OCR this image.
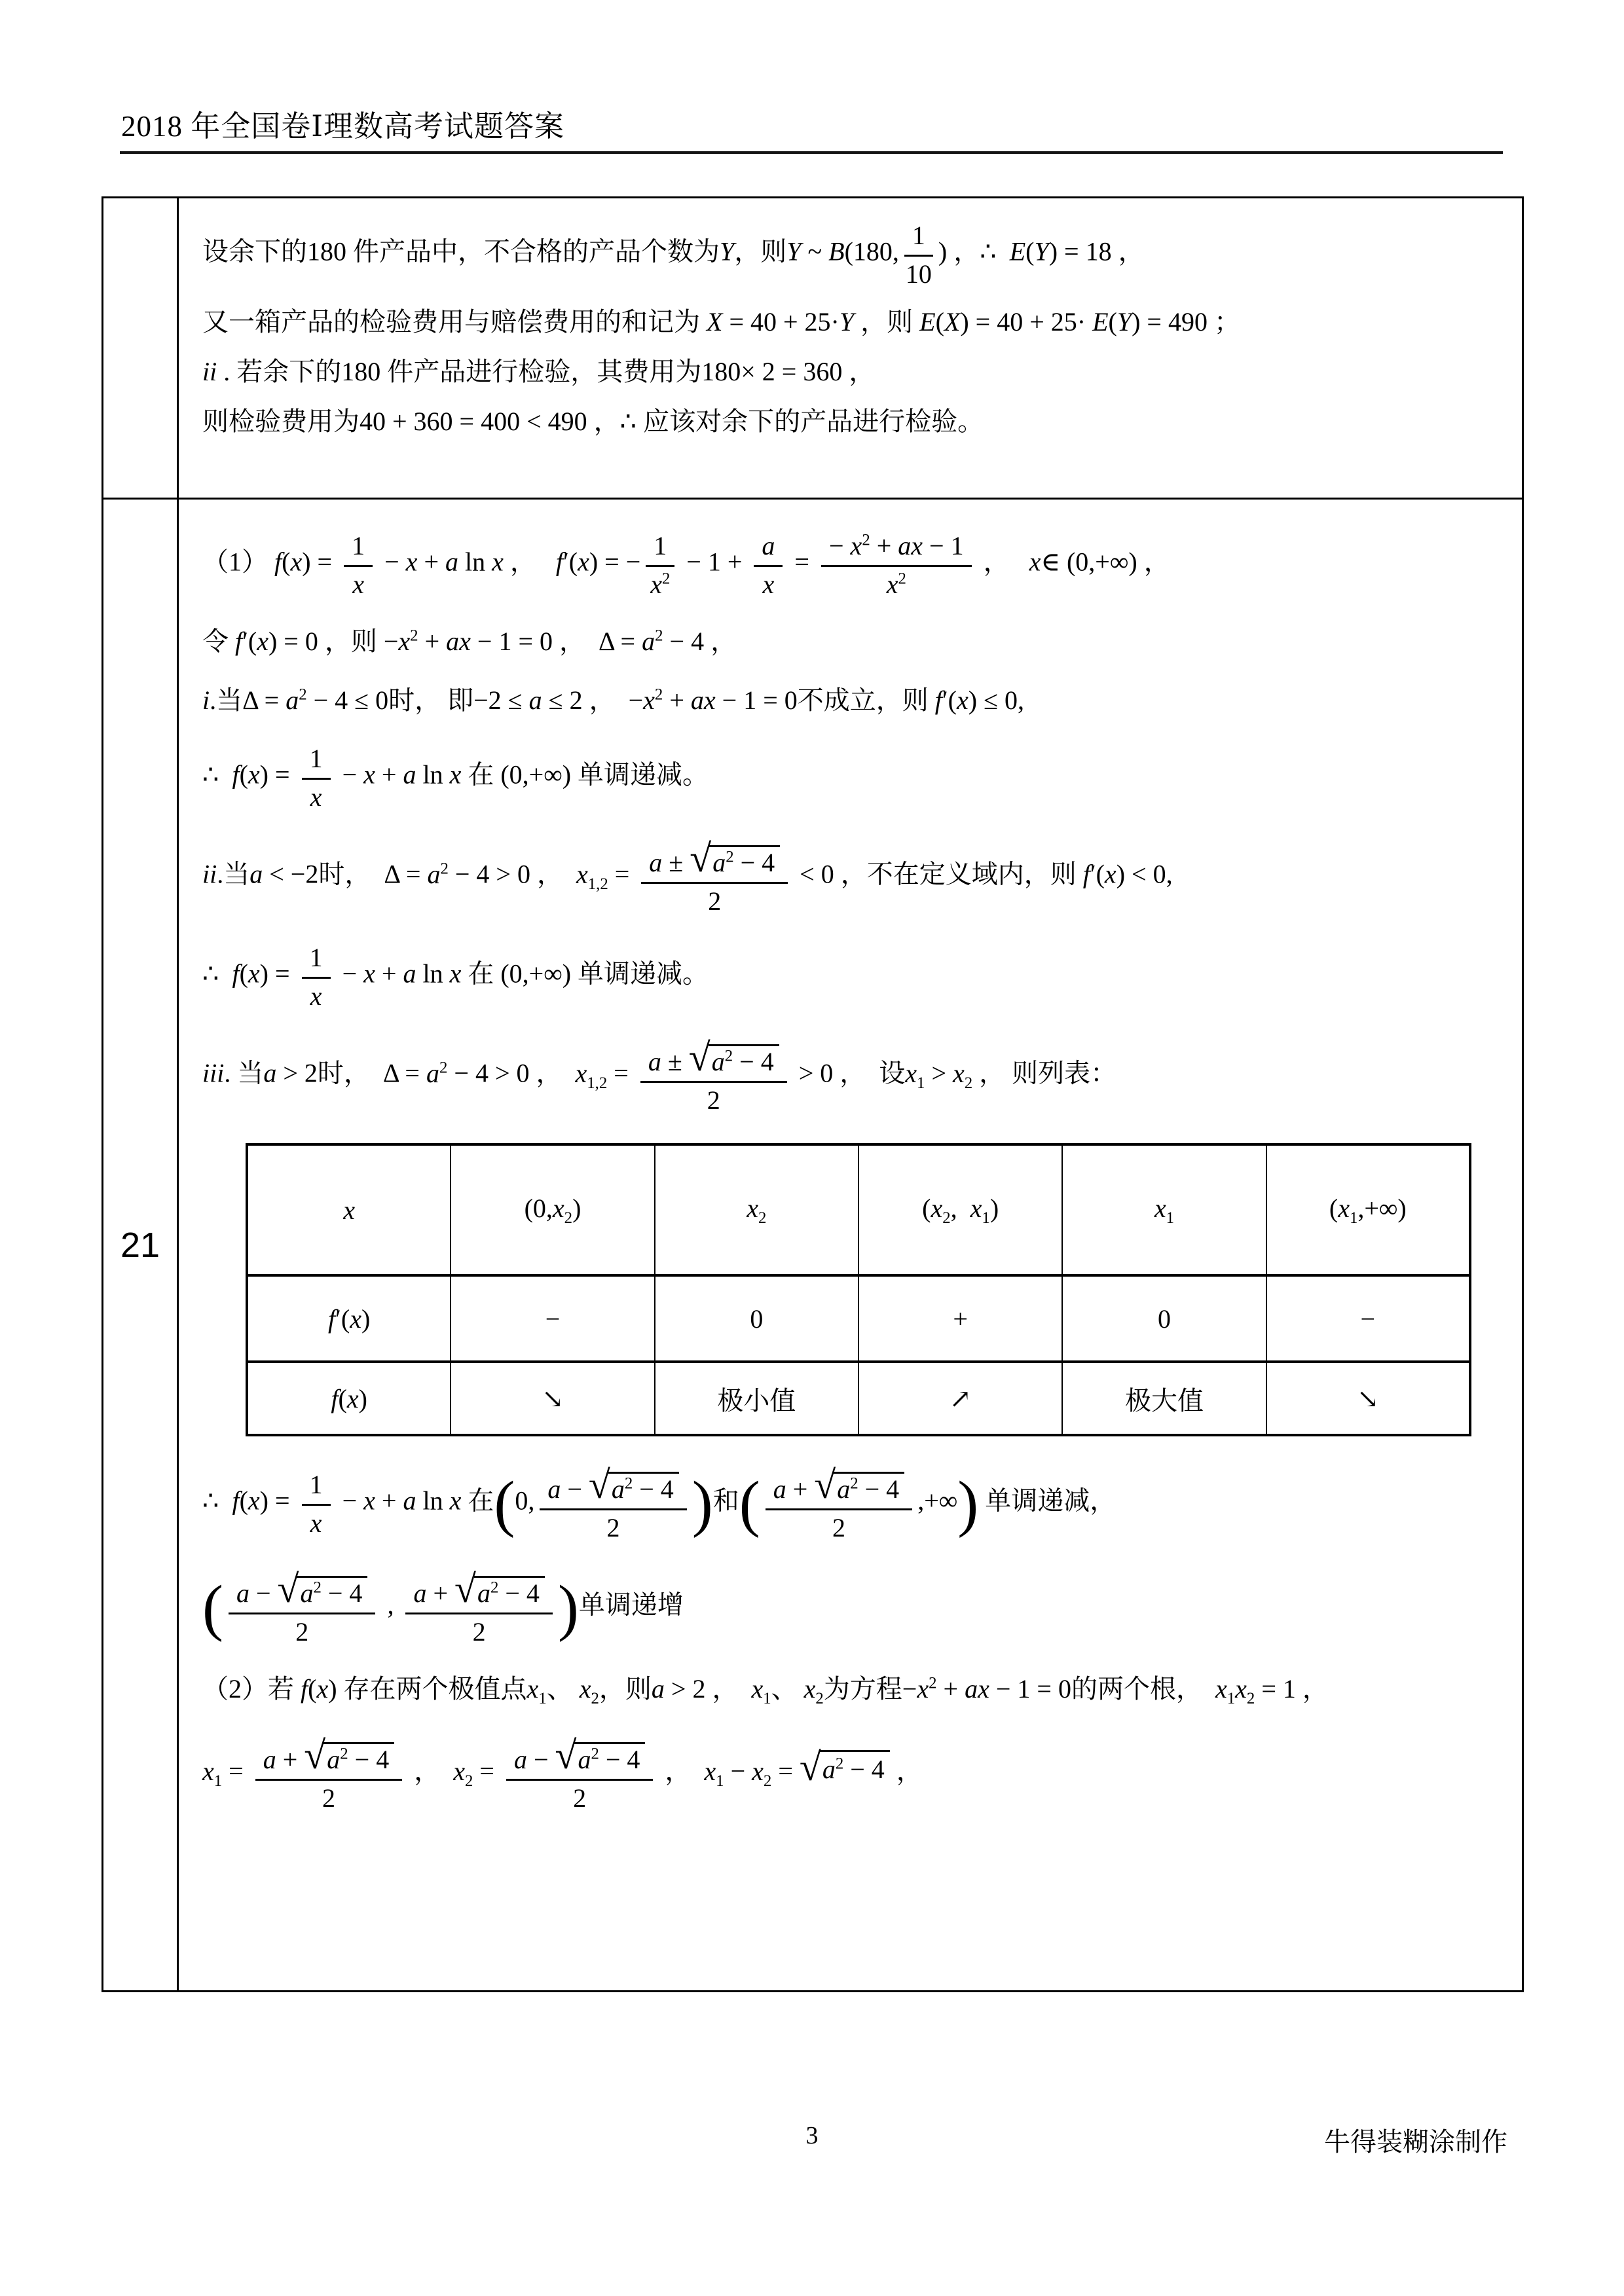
2018 年全国卷Ⅰ理数高考试题答案
设余下的180 件产品中，不合格的产品个数为Y，则Y ~ B(180, $\frac{1}{10}$ ) ，∴  E(Y) = 18 ，
又一箱产品的检验费用与赔偿费用的和记为 X = 40 + 25·Y ，则 E(X) = 40 + 25· E(Y) = 490 ；
ii . 若余下的180 件产品进行检验，其费用为180× 2 = 360 ，
则检验费用为40 + 360 = 400 < 490 ，∴ 应该对余下的产品进行检验。
21
（1） $f(x) = \frac{1}{x} - x + a$ ln x ，   f′(x) = − $\frac{1}{x^2} - 1 + \frac{a}{x} = \frac{- x^2 + ax - 1}{x^2}$ ，   x∈ (0,+∞) ，
令 f′(x) = 0 ，则 $-x^2$ + ax − 1 = 0 ，  $\Delta = a^2 - 4$ ，
i.当$\Delta = a^2 - 4 \le 0$时， 即−2 ≤ a ≤ 2 ，  $-x^2$ + ax − 1 = 0不成立，则 f′(x) ≤ 0,
∴  $f(x) = \frac{1}{x} - x + a$ ln x 在 (0,+∞) 单调递减。
ii.当a < −2时，  $\Delta = a^2 - 4 > 0$ ，  $x_{1,2} = \frac{a \pm √ a^2 - 4}{2} < 0$ ，不在定义域内，则 f′(x) < 0,
∴  $f(x) = \frac{1}{x} - x + a$ ln x 在 (0,+∞) 单调递减。
iii. 当a > 2时，  $\Delta = a^2 - 4 > 0$ ，  $x_{1,2} = \frac{a \pm √ a^2 - 4}{2} > 0$ ，  设$x_1 > x_2$ ， 则列表：
x	$(0,x_2)$	$x_2$	($x_2$,  $x_1$)	$x_1$	$(x_1,+\infty)$
f′(x)	−	0	+	0	−
f(x)	↘	极小值	↗	极大值	↘
∴  $f(x) = \frac{1}{x} - x + a$ ln x 在(0, $\frac{a - √ a^2 - 4}{2}$ )和( $\frac{a + √ a^2 - 4}{2}$ ,+∞) 单调递减，
( $\frac{a - √ a^2 - 4}{2}$ , $\frac{a + √ a^2 - 4}{2}$ )单调递增
（2）若 f(x) 存在两个极值点$x_1$、 $x_2$，则a > 2 ，  $x_1$、 $x_2$为方程$-x^2$ + ax − 1 = 0的两个根，  $x_1x_2 = 1$ ，
$x_1 = \frac{a + √ a^2 - 4}{2}$ ，  $x_2 = \frac{a - √ a^2 - 4}{2}$ ，  $x_1 - x_2$ = √ $a^2 - 4$ ，
3	牛得装糊涂制作
